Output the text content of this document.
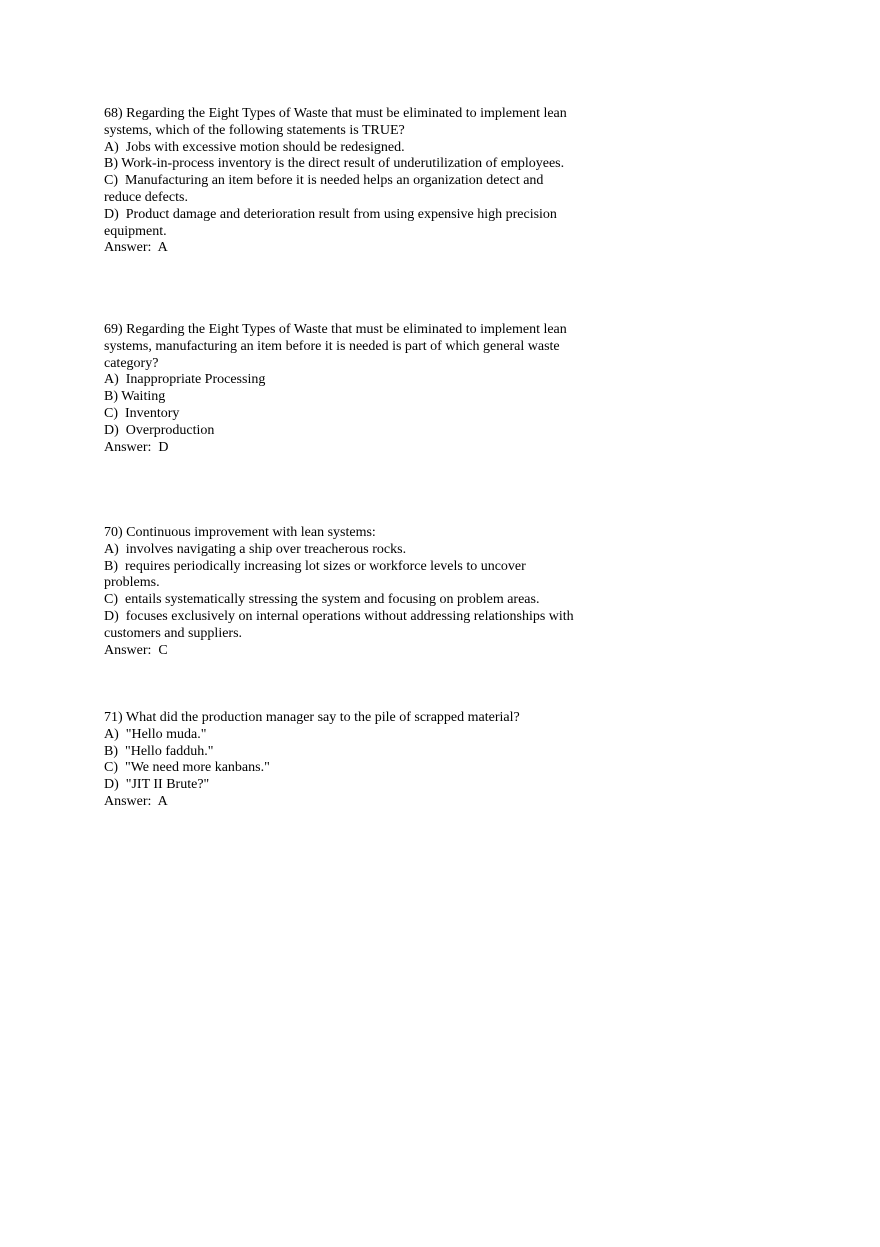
68) Regarding the Eight Types of Waste that must be eliminated to implement lean
systems, which of the following statements is TRUE?
A)  Jobs with excessive motion should be redesigned.
B) Work-in-process inventory is the direct result of underutilization of employees.
C)  Manufacturing an item before it is needed helps an organization detect and
reduce defects.
D)  Product damage and deterioration result from using expensive high precision
equipment.
Answer:  A
69) Regarding the Eight Types of Waste that must be eliminated to implement lean
systems, manufacturing an item before it is needed is part of which general waste
category?
A)  Inappropriate Processing
B) Waiting
C)  Inventory
D)  Overproduction
Answer:  D
70) Continuous improvement with lean systems:
A)  involves navigating a ship over treacherous rocks.
B)  requires periodically increasing lot sizes or workforce levels to uncover
problems.
C)  entails systematically stressing the system and focusing on problem areas.
D)  focuses exclusively on internal operations without addressing relationships with
customers and suppliers.
Answer:  C
71) What did the production manager say to the pile of scrapped material?
A)  "Hello muda."
B)  "Hello fadduh."
C)  "We need more kanbans."
D)  "JIT II Brute?"
Answer:  A
